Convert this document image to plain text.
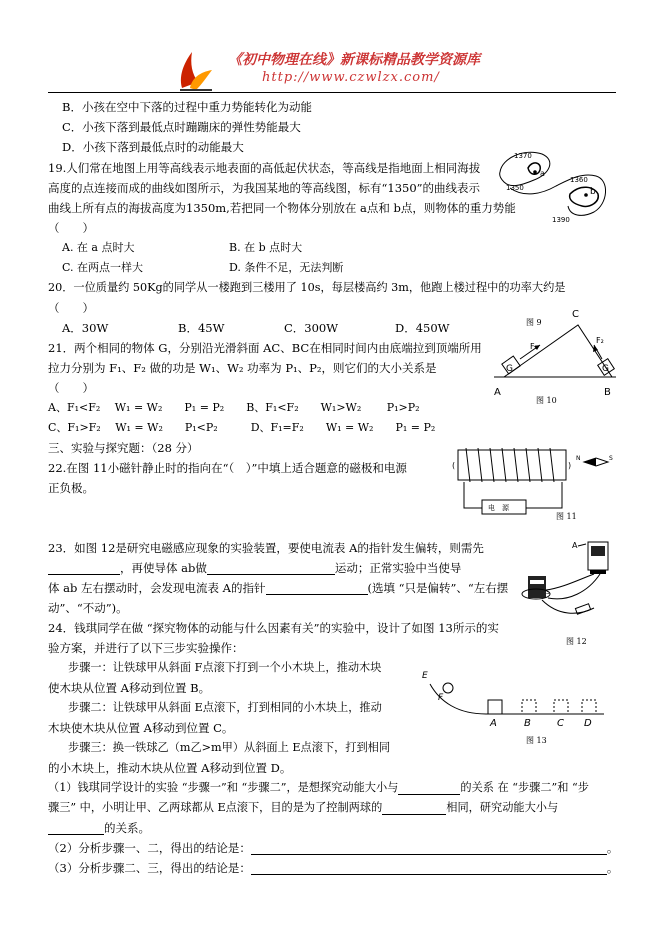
《初中物理在线》新课标精品教学资源库
http://www.czwlzx.com/
B．小孩在空中下落的过程中重力势能转化为动能
C．小孩下落到最低点时蹦蹦床的弹性势能最大
D．小孩下落到最低点时的动能最大
19.人们常在地图上用等高线表示地表面的高低起伏状态，等高线是指地面上相同海拔
高度的点连接而成的曲线如图所示，为我国某地的等高线图，标有“1350”的曲线表示
曲线上所有点的海拔高度为1350m,若把同一个物体分别放在 a点和 b点，则物体的重力势能
（　　）
A. 在 a 点时大	B. 在 b 点时大
C. 在两点一样大	D. 条件不足，无法判断
1370
1350
1360
1390
a
b
20．一位质量约 50Kg的同学从一楼跑到三楼用了 10s，每层楼高约 3m，他跑上楼过程中的功率大约是
（　　）
A．30W	B．45W	C．300W	D．450W	图 9
21．两个相同的物体 G，分别沿光滑斜面 AC、BC在相同时间内由底端拉到顶端所用
拉力分别为 F₁、F₂ 做的功是 W₁、W₂ 功率为 P₁、P₂，则它们的大小关系是
（　　）
A、F₁<F₂　 W₁ = W₂　　P₁ = P₂　　B、F₁<F₂　　W₁>W₂　　 P₁>P₂
C、F₁>F₂　 W₁ = W₂　　P₁<P₂　　　D、F₁=F₂　　W₁ = W₂　　P₁ = P₂
C
G
F₁
G
F₂
A	B
图 10
三、实验与探究题：（28 分）
22.在图 11小磁针静止时的指向在“（　）”中填上适合题意的磁极和电源
正负极。
(	)
电　源
N	S
图 11
23．如图 12是研究电磁感应现象的实验装置，要使电流表 A的指针发生偏转，则需先
，再使导体 ab做	运动；正常实验中当使导
体 ab 左右摆动时，会发现电流表 A的指针	(选填 “只是偏转”、“左右摆
动”、“不动”)。
A
S
图 12
24．钱琪同学在做 “探究物体的动能与什么因素有关”的实验中，设计了如图 13所示的实
验方案，并进行了以下三步实验操作：
步骤一：让铁球甲从斜面 F点滚下打到一个小木块上，推动木块
使木块从位置 A移动到位置 B。
步骤二：让铁球甲从斜面 E点滚下，打到相同的小木块上，推动
木块使木块从位置 A移动到位置 C。
步骤三：换一铁球乙（m乙>m甲）从斜面上 E点滚下，打到相同
的小木块上，推动木块从位置 A移动到位置 D。
E
F
A	B	C D
图 13
（1）钱琪同学设计的实验 “步骤一”和 “步骤二”，是想探究动能大小与	的关系 在 “步骤二”和 “步
骤三” 中，小明让甲、乙两球都从 E点滚下，目的是为了控制两球的	相同，研究动能大小与
的关系。
（2）分析步骤一、二，得出的结论是：	。
（3）分析步骤二、三，得出的结论是：	。
